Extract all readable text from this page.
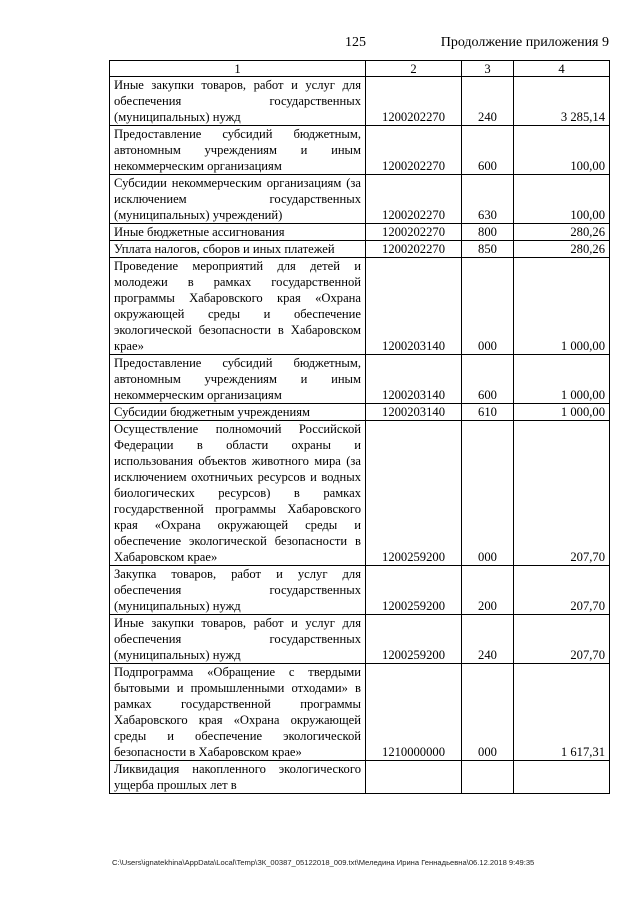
125	Продолжение приложения 9
1	2	3	4
Иные закупки товаров, работ и услуг для обеспечения государственных (муниципальных) нужд	1200202270	240	3 285,14
Предоставление субсидий бюджетным, автономным учреждениям и иным некоммерческим организациям	1200202270	600	100,00
Субсидии некоммерческим организациям (за исключением государственных (муниципальных) учреждений)	1200202270	630	100,00
Иные бюджетные ассигнования	1200202270	800	280,26
Уплата налогов, сборов и иных платежей	1200202270	850	280,26
Проведение мероприятий для детей и молодежи в рамках государственной программы Хабаровского края «Охрана окружающей среды и обеспечение экологической безопасности в Хабаровском крае»	1200203140	000	1 000,00
Предоставление субсидий бюджетным, автономным учреждениям и иным некоммерческим организациям	1200203140	600	1 000,00
Субсидии бюджетным учреждениям	1200203140	610	1 000,00
Осуществление полномочий Российской Федерации в области охраны и использования объектов животного мира (за исключением охотничьих ресурсов и водных биологических ресурсов) в рамках государственной программы Хабаровского края «Охрана окружающей среды и обеспечение экологической безопасности в Хабаровском крае»	1200259200	000	207,70
Закупка товаров, работ и услуг для обеспечения государственных (муниципальных) нужд	1200259200	200	207,70
Иные закупки товаров, работ и услуг для обеспечения государственных (муниципальных) нужд	1200259200	240	207,70
Подпрограмма «Обращение с твердыми бытовыми и промышленными отходами» в рамках государственной программы Хабаровского края «Охрана окружающей среды и обеспечение экологической безопасности в Хабаровском крае»	1210000000	000	1 617,31
Ликвидация накопленного экологического ущерба прошлых лет в			
C:\Users\ignatekhina\AppData\Local\Temp\ЗК_00387_05122018_009.txt\Меледина Ирина Геннадьевна\06.12.2018 9:49:35
